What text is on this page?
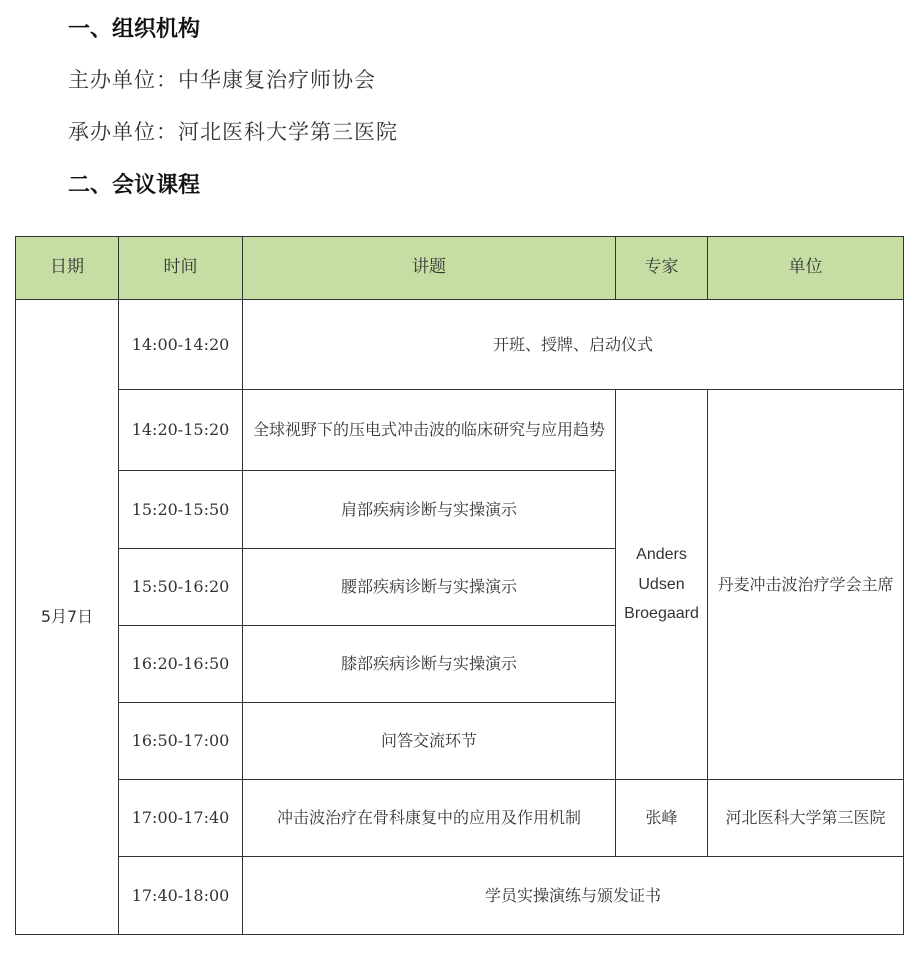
一、组织机构
主办单位：中华康复治疗师协会
承办单位：河北医科大学第三医院
二、会议课程
日期	时间	讲题	专家	单位
5月7日	14:00-14:20	开班、授牌、启动仪式		
	14:20-15:20	全球视野下的压电式冲击波的临床研究与应用趋势	Anders Udsen Broegaard	丹麦冲击波治疗学会主席
	15:20-15:50	肩部疾病诊断与实操演示		
	15:50-16:20	腰部疾病诊断与实操演示		
	16:20-16:50	膝部疾病诊断与实操演示		
	16:50-17:00	问答交流环节		
	17:00-17:40	冲击波治疗在骨科康复中的应用及作用机制	张峰	河北医科大学第三医院
	17:40-18:00	学员实操演练与颁发证书		
